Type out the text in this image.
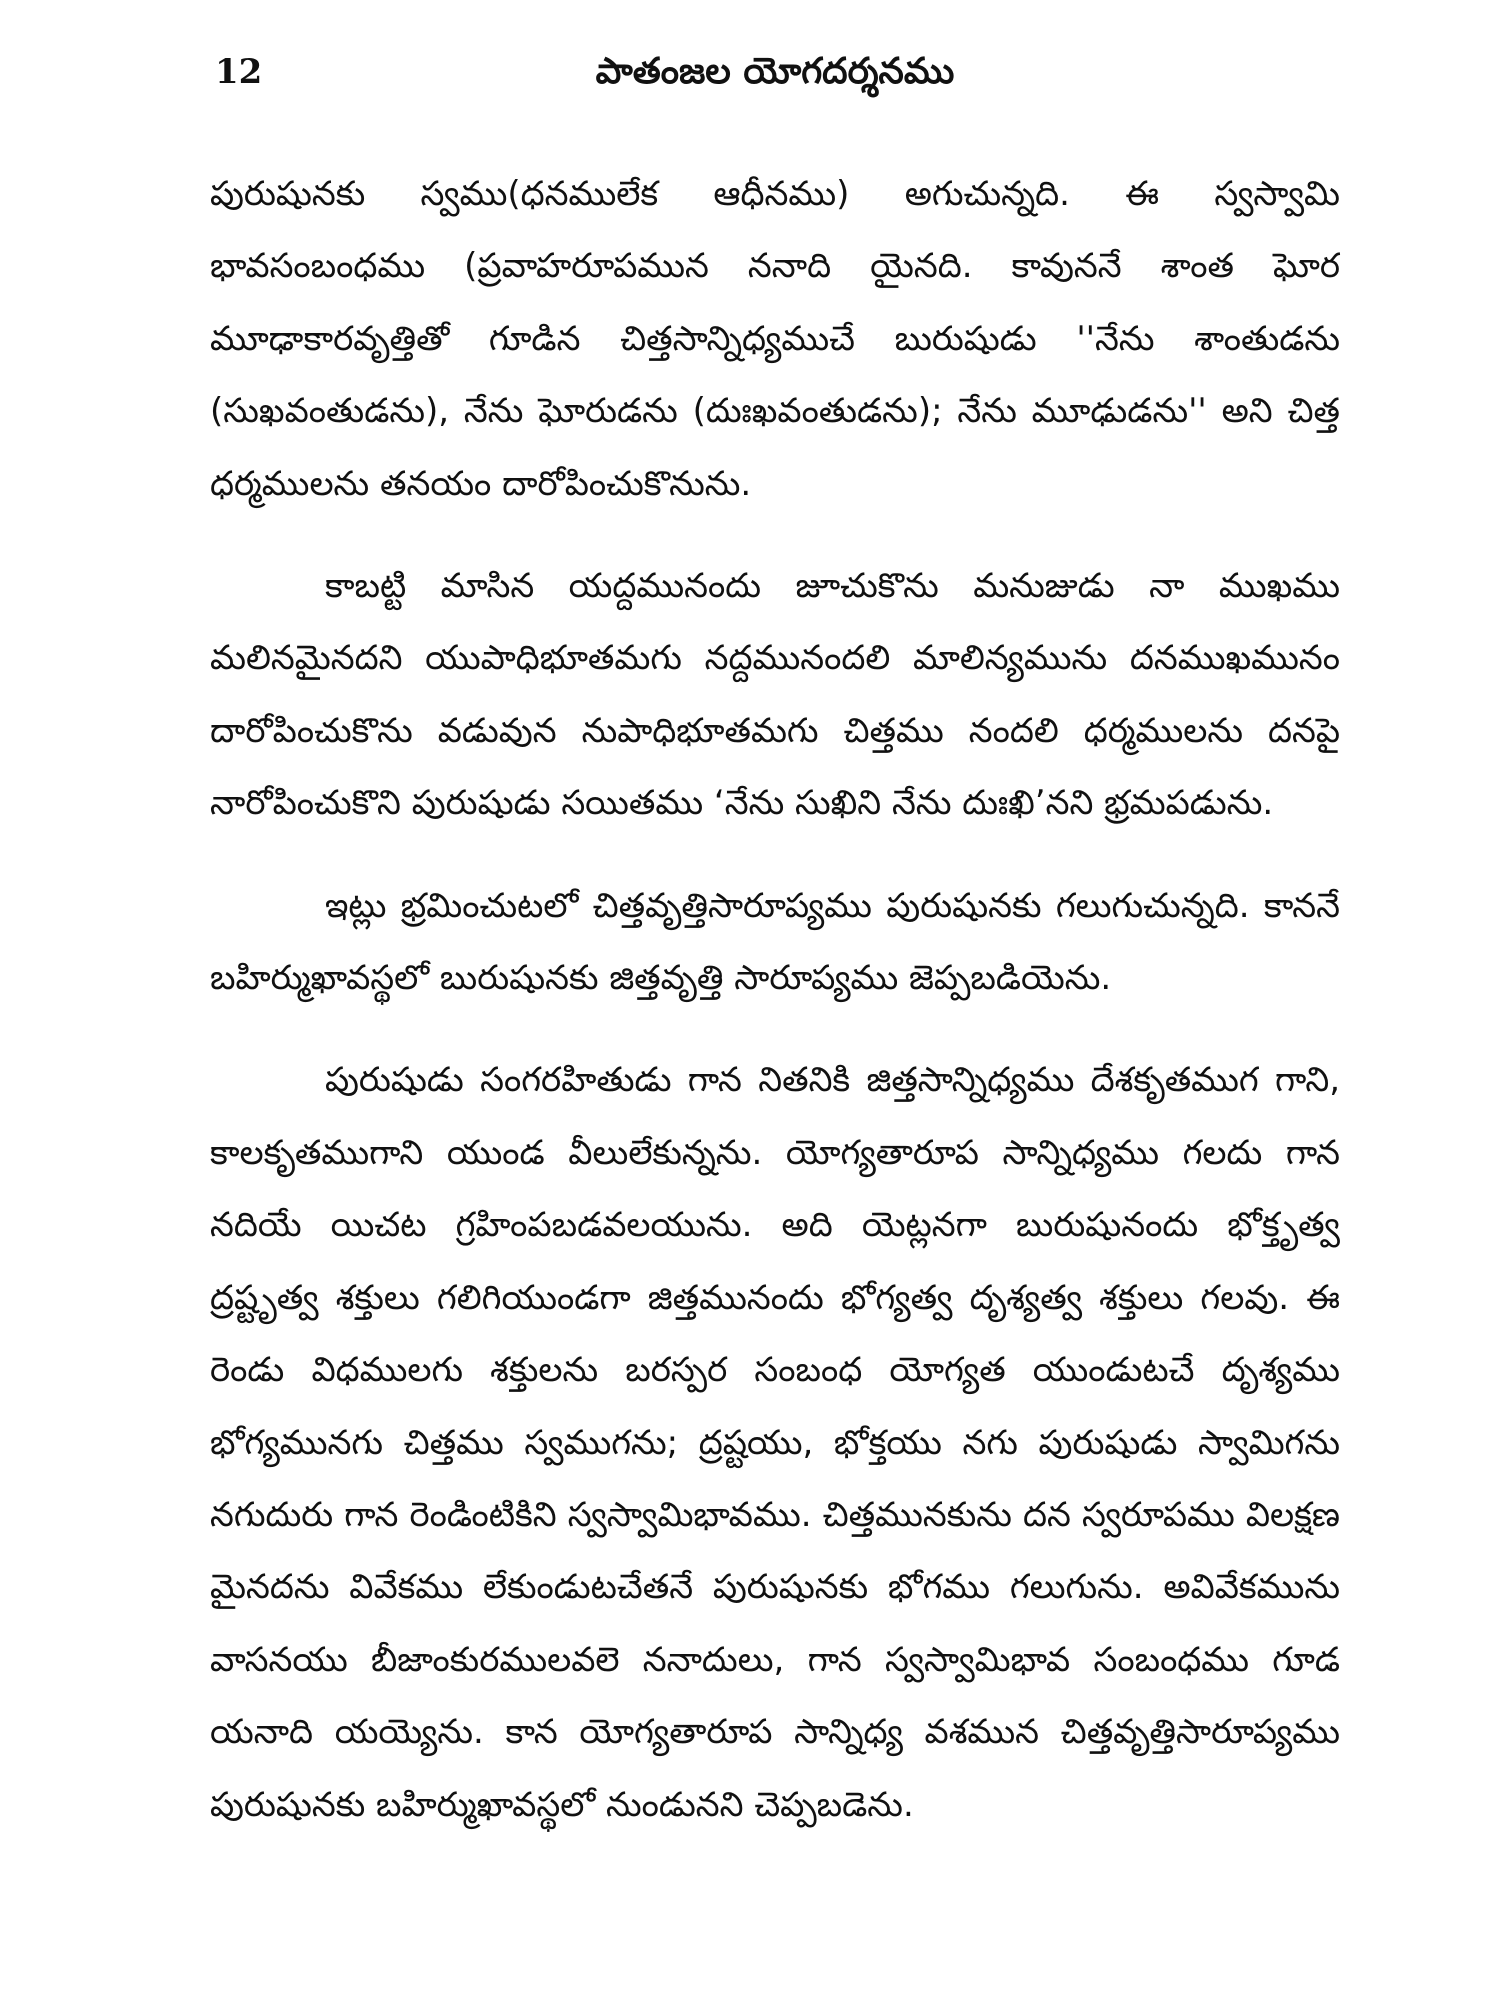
12	పాతంజల యోగదర్శనము

పురుషునకు స్వము(ధనములేక ఆధీనము) అగుచున్నది. ఈ స్వస్వామి భావసంబంధము (ప్రవాహరూపమున ననాది యైనది. కావుననే శాంత ఘోర మూఢాకారవృత్తితో గూడిన చిత్తసాన్నిధ్యముచే బురుషుడు ''నేను శాంతుడను (సుఖవంతుడను), నేను ఘోరుడను (దుఃఖవంతుడను); నేను మూఢుడను'' అని చిత్త ధర్మములను తనయం దారోపించుకొనును.

కాబట్టి మాసిన యద్దమునందు జూచుకొను మనుజుడు నా ముఖము మలినమైనదని యుపాధిభూతమగు నద్దమునందలి మాలిన్యమును దనముఖమునం దారోపించుకొను వడువున నుపాధిభూతమగు చిత్తము నందలి ధర్మములను దనపై నారోపించుకొని పురుషుడు సయితము ‘నేను సుఖిని నేను దుఃఖి’నని భ్రమపడును.

ఇట్లు భ్రమించుటలో చిత్తవృత్తిసారూప్యము పురుషునకు గలుగుచున్నది. కాననే బహిర్ముఖావస్థలో బురుషునకు జిత్తవృత్తి సారూప్యము జెప్పబడియెను.

పురుషుడు సంగరహితుడు గాన నితనికి జిత్తసాన్నిధ్యము దేశకృతముగ గాని, కాలకృతముగాని యుండ వీలులేకున్నను. యోగ్యతారూప సాన్నిధ్యము గలదు గాన నదియే యిచట గ్రహింపబడవలయును. అది యెట్లనగా బురుషునందు భోక్తృత్వ ద్రష్టృత్వ శక్తులు గలిగియుండగా జిత్తమునందు భోగ్యత్వ దృశ్యత్వ శక్తులు గలవు. ఈ రెండు విధములగు శక్తులను బరస్పర సంబంధ యోగ్యత యుండుటచే దృశ్యము భోగ్యమునగు చిత్తము స్వముగను; ద్రష్టయు, భోక్తయు నగు పురుషుడు స్వామిగను నగుదురు గాన రెండింటికిని స్వస్వామిభావము. చిత్తమునకును దన స్వరూపము విలక్షణ మైనదను వివేకము లేకుండుటచేతనే పురుషునకు భోగము గలుగును. అవివేకమును వాసనయు బీజాంకురములవలె ననాదులు, గాన స్వస్వామిభావ సంబంధము గూడ యనాది యయ్యెను. కాన యోగ్యతారూప సాన్నిధ్య వశమున చిత్తవృత్తిసారూప్యము పురుషునకు బహిర్ముఖావస్థలో నుండునని చెప్పబడెను.
